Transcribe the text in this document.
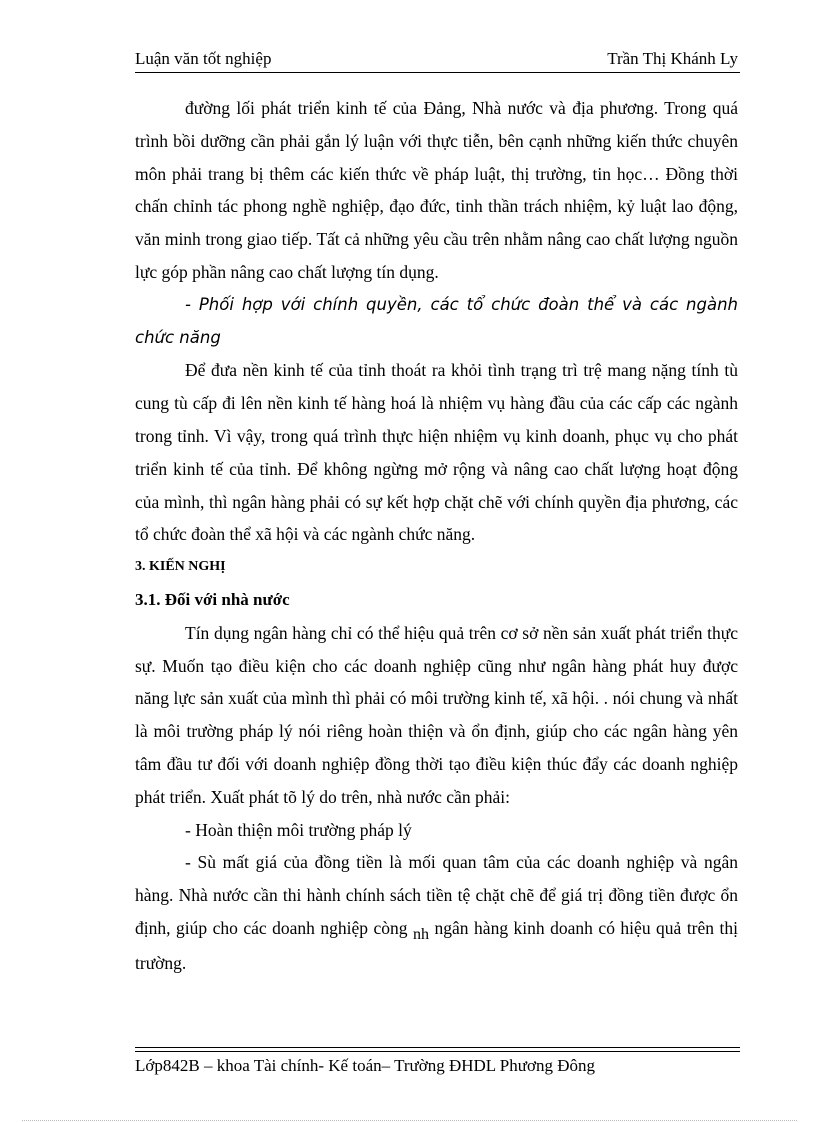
Luận văn tốt nghiệp	Trần Thị Khánh Ly

đường lối phát triển kinh tế của Đảng, Nhà nước và địa phương. Trong quá trình bồi dưỡng cần phải gắn lý luận với thực tiễn, bên cạnh những kiến thức chuyên môn phải trang bị thêm các kiến thức về pháp luật, thị trường, tin học… Đồng thời chấn chỉnh tác phong nghề nghiệp, đạo đức, tinh thần trách nhiệm, kỷ luật lao động, văn minh trong giao tiếp. Tất cả những yêu cầu trên nhằm nâng cao chất lượng nguồn lực góp phần nâng cao chất lượng tín dụng.

- Phối hợp với chính quyền, các tổ chức đoàn thể và các ngành chức năng

Để đưa nền kinh tế của tỉnh thoát ra khỏi tình trạng trì trệ mang nặng tính tù cung tù cấp đi lên nền kinh tế hàng hoá là nhiệm vụ hàng đầu của các cấp các ngành trong tỉnh. Vì vậy, trong quá trình thực hiện nhiệm vụ kinh doanh, phục vụ cho phát triển kinh tế của tỉnh. Để không ngừng mở rộng và nâng cao chất lượng hoạt động của mình, thì ngân hàng phải có sự kết hợp chặt chẽ với chính quyền địa phương, các tổ chức đoàn thể xã hội và các ngành chức năng.

3. KIẾN NGHỊ

3.1. Đối với nhà nước

Tín dụng ngân hàng chỉ có thể hiệu quả trên cơ sở nền sản xuất phát triển thực sự. Muốn tạo điều kiện cho các doanh nghiệp cũng như ngân hàng phát huy được năng lực sản xuất của mình thì phải có môi trường kinh tế, xã hội. . nói chung và nhất là môi trường pháp lý nói riêng hoàn thiện và ổn định, giúp cho các ngân hàng yên tâm đầu tư đối với doanh nghiệp đồng thời tạo điều kiện thúc đẩy các doanh nghiệp phát triển. Xuất phát tõ lý do trên, nhà nước cần phải:

- Hoàn thiện môi trường pháp lý

- Sù mất giá của đồng tiền là mối quan tâm của các doanh nghiệp và ngân hàng. Nhà nước cần thi hành chính sách tiền tệ chặt chẽ để giá trị đồng tiền được ổn định, giúp cho các doanh nghiệp còng nh ngân hàng kinh doanh có hiệu quả trên thị trường.

Lớp842B – khoa Tài chính- Kế toán– Trường ĐHDL Phương Đông
